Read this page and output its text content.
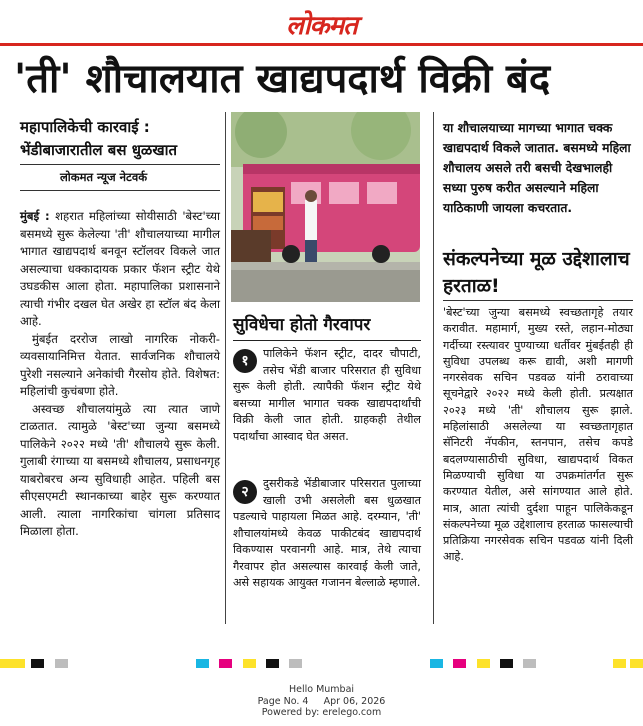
लोकमत
'ती' शौचालयात खाद्यपदार्थ विक्री बंद
महापालिकेची कारवाई :
भेंडीबाजारातील बस धुळखात
लोकमत न्यूज नेटवर्क

मुंबई : शहरात महिलांच्या सोयीसाठी 'बेस्ट'च्या बसमध्ये सुरू केलेल्या 'ती' शौचालयाच्या मागील भागात खाद्यपदार्थ बनवून स्टॉलवर विकले जात असल्याचा धक्कादायक प्रकार फॅशन स्ट्रीट येथे उघडकीस आला होता. महापालिका प्रशासनाने त्याची गंभीर दखल घेत अखेर हा स्टॉल बंद केला आहे.

मुंबईत दररोज लाखो नागरिक नोकरी- व्यवसायानिमित्त येतात. सार्वजनिक शौचालये पुरेशी नसल्याने अनेकांची गैरसोय होते. विशेषत: महिलांची कुचंबणा होते.

अस्वच्छ शौचालयांमुळे त्या त्यात जाणे टाळतात. त्यामुळे 'बेस्ट'च्या जुन्या बसमध्ये पालिकेने २०२२ मध्ये 'ती' शौचालये सुरू केली. गुलाबी रंगाच्या या बसमध्ये शौचालय, प्रसाधनगृह याबरोबरच अन्य सुविधाही आहेत. पहिली बस सीएसएमटी स्थानकाच्या बाहेर सुरू करण्यात आली. त्याला नागरिकांचा चांगला प्रतिसाद मिळाला होता.

सुविधेचा होतो गैरवापर
१	पालिकेने फॅशन स्ट्रीट, दादर चौपाटी, तसेच भेंडी बाजार परिसरात ही सुविधा सुरू केली होती. त्यापैकी फॅशन स्ट्रीट येथे बसच्या मागील भागात चक्क खाद्यपदार्थांची विक्री केली जात होती. ग्राहकही तेथील पदार्थांचा आस्वाद घेत असत.
२
दुसरीकडे भेंडीबाजार परिसरात पुलाच्या खाली उभी असलेली बस धुळखात पडल्याचे पाहायला मिळत आहे. दरम्यान, 'ती' शौचालयांमध्ये केवळ पाकीटबंद खाद्यपदार्थ विकण्यास परवानगी आहे. मात्र, तेथे त्याचा गैरवापर होत असल्यास कारवाई केली जाते, असे सहायक आयुक्त गजानन बेल्लाळे म्हणाले.
या शौचालयाच्या मागच्या भागात चक्क खाद्यपदार्थ विकले जातात. बसमध्ये महिला शौचालय असले तरी बसची देखभालही सध्या पुरुष करीत असल्याने महिला याठिकाणी जायला कचरतात.
संकल्पनेच्या मूळ उद्देशालाच हरताळ!
'बेस्ट'च्या जुन्या बसमध्ये स्वच्छतागृहे तयार करावीत. महामार्ग, मुख्य रस्ते, लहान-मोठ्या गर्दीच्या रस्त्यावर पुण्याच्या धर्तीवर मुंबईतही ही सुविधा उपलब्ध करू द्यावी, अशी मागणी नगरसेवक सचिन पडवळ यांनी ठरावाच्या सूचनेद्वारे २०२२ मध्ये केली होती. प्रत्यक्षात २०२३ मध्ये 'ती' शौचालय सुरू झाले. महिलांसाठी असलेल्या या स्वच्छतागृहात सॅनिटरी नॅपकीन, स्तनपान, तसेच कपडे बदलण्यासाठीची सुविधा, खाद्यपदार्थ विकत मिळण्याची सुविधा या उपक्रमांतर्गत सुरू करण्यात येतील, असे सांगण्यात आले होते. मात्र, आता त्यांची दुर्दशा पाहून पालिकेकडून संकल्पनेच्या मूळ उद्देशालाच हरताळ फासल्याची प्रतिक्रिया नगरसेवक सचिन पडवळ यांनी दिली आहे.
Hello Mumbai
Page No. 4 Apr 06, 2026
Powered by: erelego.com
